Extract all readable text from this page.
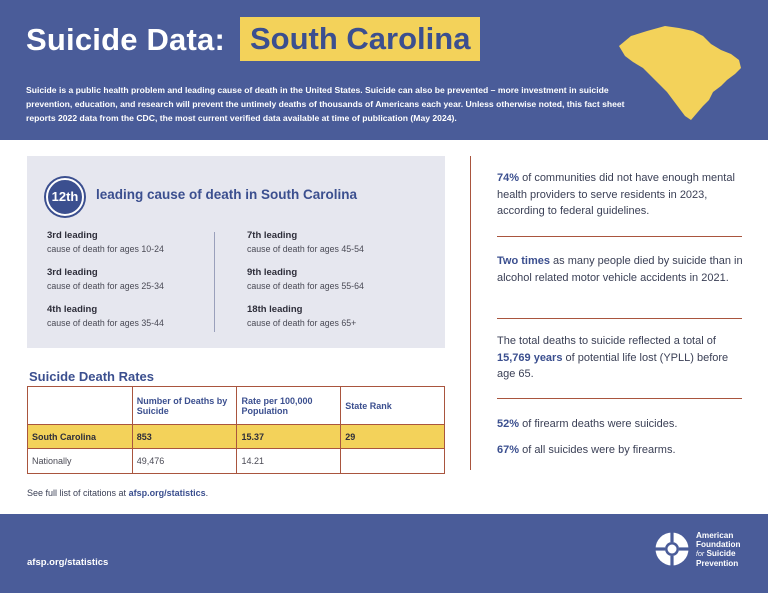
Suicide Data: South Carolina
Suicide is a public health problem and leading cause of death in the United States. Suicide can also be prevented – more investment in suicide prevention, education, and research will prevent the untimely deaths of thousands of Americans each year. Unless otherwise noted, this fact sheet reports 2022 data from the CDC, the most current verified data available at time of publication (May 2024).
12th	leading cause of death in South Carolina
3rd leading
cause of death for ages 10-24
3rd leading
cause of death for ages 25-34
4th leading
cause of death for ages 35-44
7th leading
cause of death for ages 45-54
9th leading
cause of death for ages 55-64
18th leading
cause of death for ages 65+
Suicide Death Rates
	Number of Deaths by Suicide	Rate per 100,000 Population	State Rank
South Carolina	853	15.37	29
Nationally	49,476	14.21	
See full list of citations at afsp.org/statistics.
74% of communities did not have enough mental health providers to serve residents in 2023, according to federal guidelines.
Two times as many people died by suicide than in alcohol related motor vehicle accidents in 2021.
The total deaths to suicide reflected a total of 15,769 years of potential life lost (YPLL) before age 65.
52% of firearm deaths were suicides.
67% of all suicides were by firearms.
afsp.org/statistics
American
Foundation
for Suicide
Prevention
